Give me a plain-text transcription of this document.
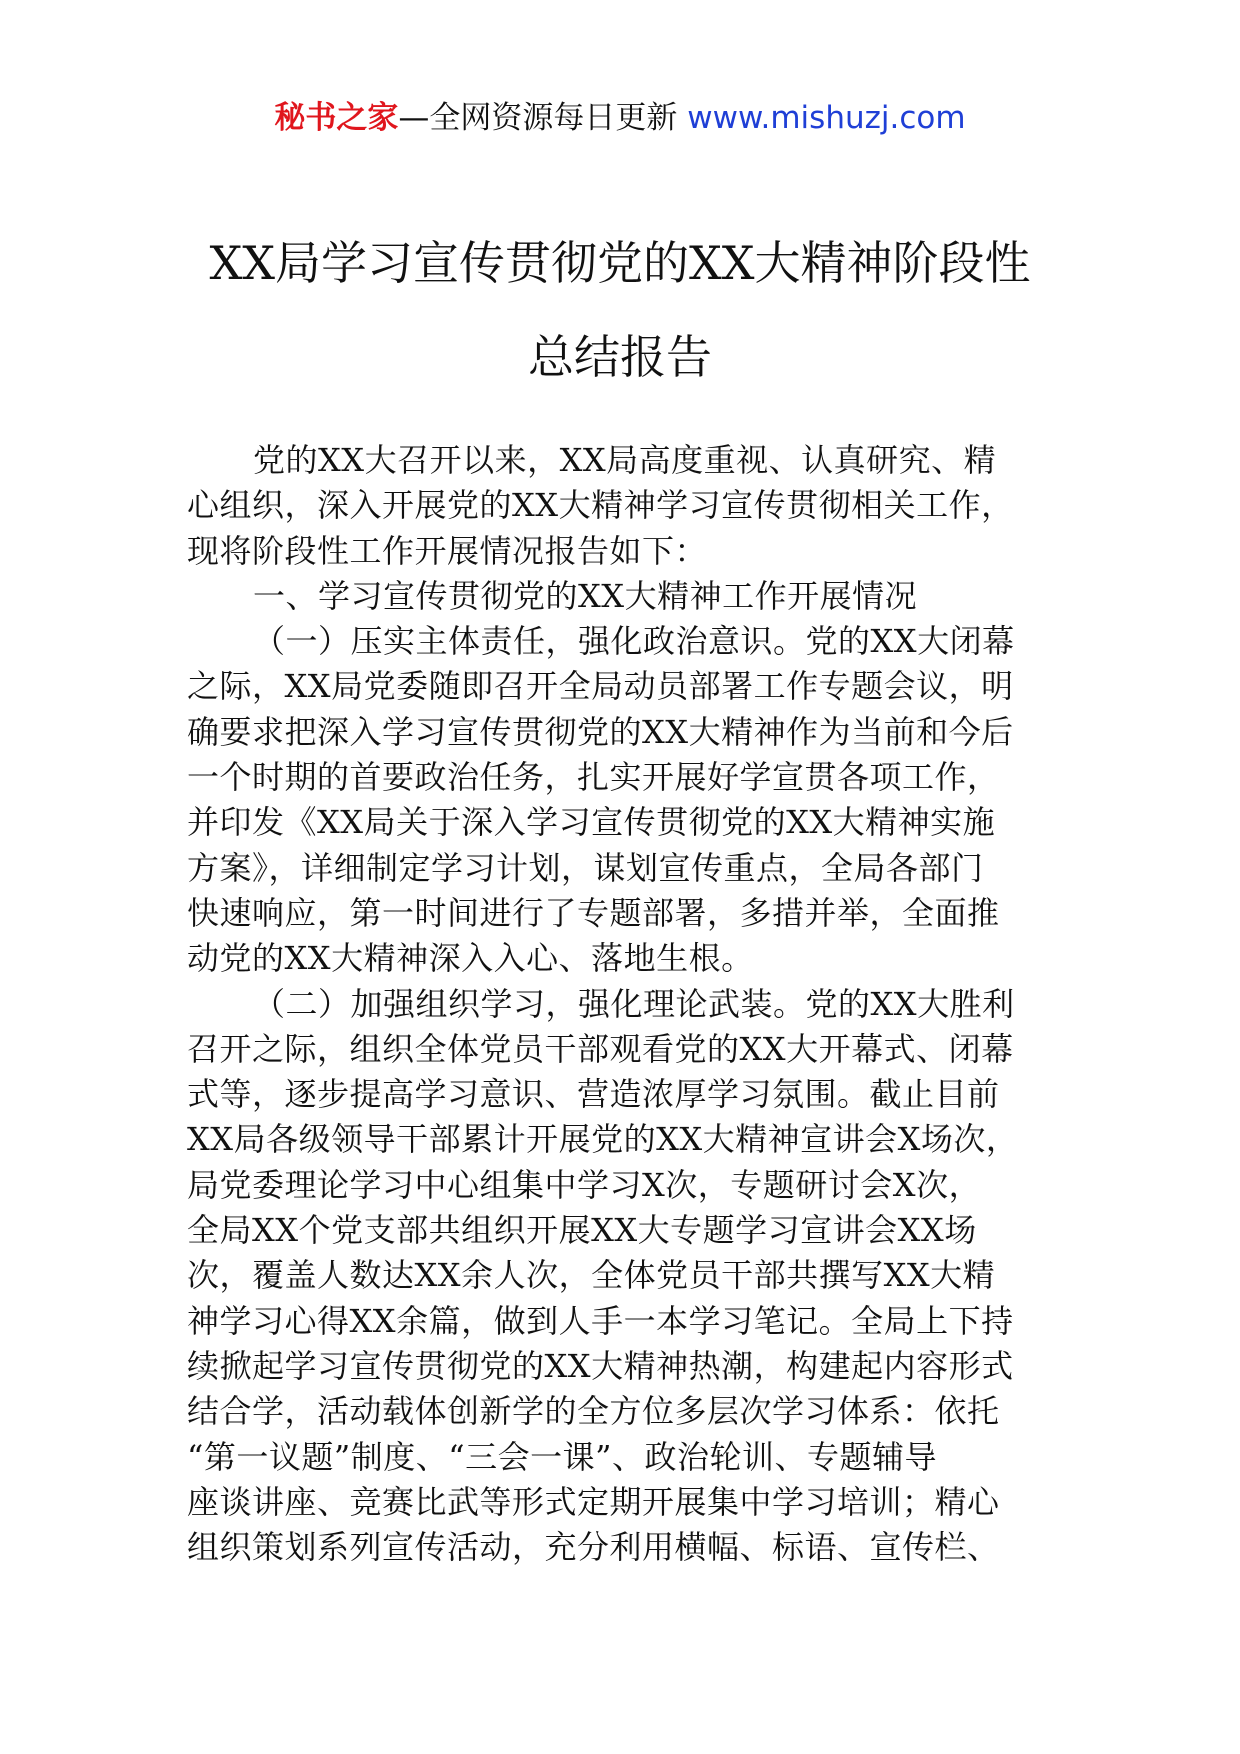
秘书之家—全网资源每日更新 www.mishuzj.com
XX局学习宣传贯彻党的XX大精神阶段性
总结报告
党的XX大召开以来，XX局高度重视、认真研究、精
心组织，深入开展党的XX大精神学习宣传贯彻相关工作，
现将阶段性工作开展情况报告如下：
一、学习宣传贯彻党的XX大精神工作开展情况
（一）压实主体责任，强化政治意识。党的XX大闭幕
之际，XX局党委随即召开全局动员部署工作专题会议，明
确要求把深入学习宣传贯彻党的XX大精神作为当前和今后
一个时期的首要政治任务，扎实开展好学宣贯各项工作，
并印发《XX局关于深入学习宣传贯彻党的XX大精神实施
方案》，详细制定学习计划，谋划宣传重点，全局各部门
快速响应，第一时间进行了专题部署，多措并举，全面推
动党的XX大精神深入入心、落地生根。
（二）加强组织学习，强化理论武装。党的XX大胜利
召开之际，组织全体党员干部观看党的XX大开幕式、闭幕
式等，逐步提高学习意识、营造浓厚学习氛围。截止目前
XX局各级领导干部累计开展党的XX大精神宣讲会X场次，
局党委理论学习中心组集中学习X次，专题研讨会X次，
全局XX个党支部共组织开展XX大专题学习宣讲会XX场
次，覆盖人数达XX余人次，全体党员干部共撰写XX大精
神学习心得XX余篇，做到人手一本学习笔记。全局上下持
续掀起学习宣传贯彻党的XX大精神热潮，构建起内容形式
结合学，活动载体创新学的全方位多层次学习体系：依托
“第一议题”制度、“三会一课”、政治轮训、专题辅导
座谈讲座、竞赛比武等形式定期开展集中学习培训；精心
组织策划系列宣传活动，充分利用横幅、标语、宣传栏、
